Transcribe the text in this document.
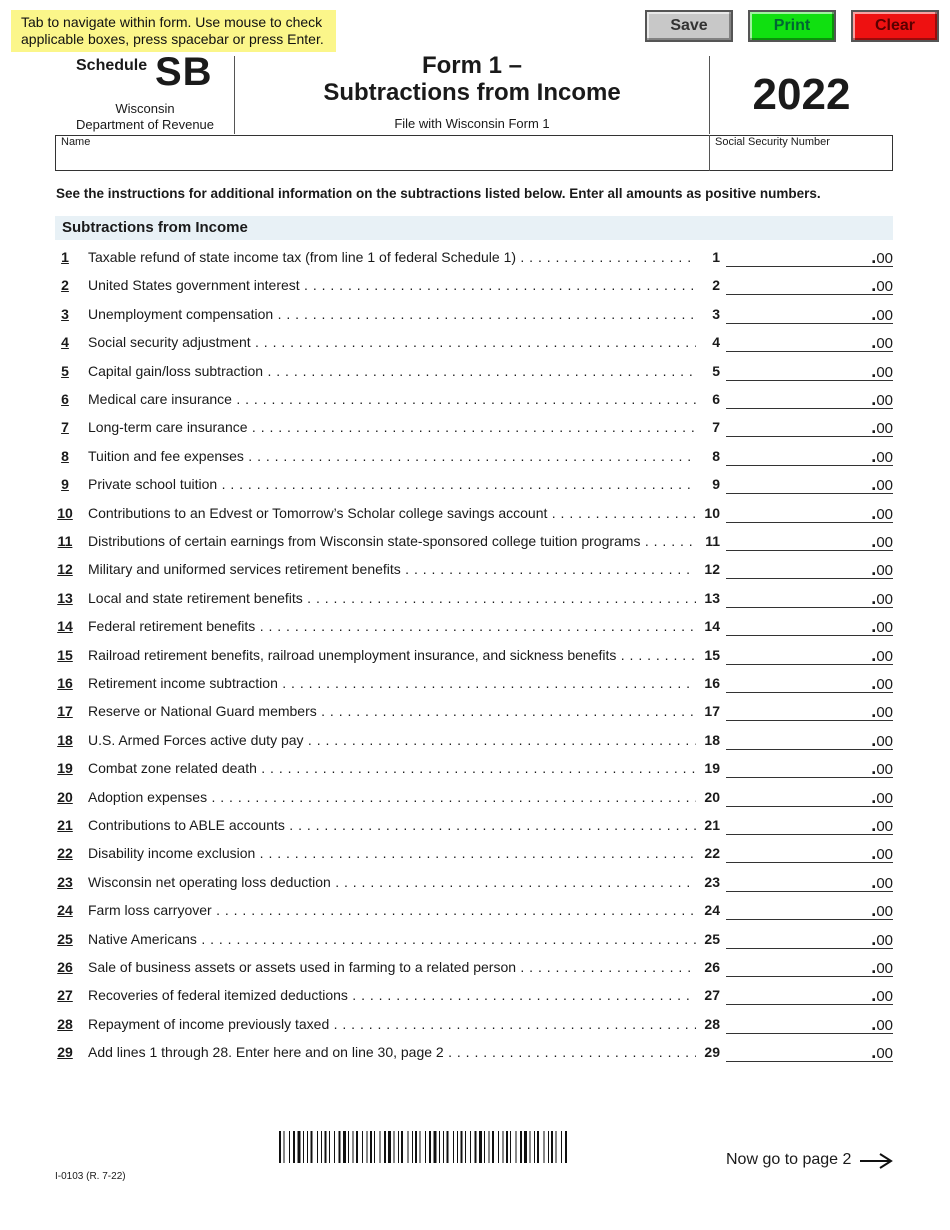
Tab to navigate within form. Use mouse to check applicable boxes, press spacebar or press Enter.
Save	Print	Clear
Schedule SB
Wisconsin
Department of Revenue
Form 1 –
Subtractions from Income
File with Wisconsin Form 1
2022
Name	Social Security Number
See the instructions for additional information on the subtractions listed below. Enter all amounts as positive numbers.
Subtractions from Income
1	Taxable refund of state income tax (from line 1 of federal Schedule 1) . . .	1	.00
2	United States government interest . . .	2	.00
3	Unemployment compensation . . .	3	.00
4	Social security adjustment . . .	4	.00
5	Capital gain/loss subtraction . . .	5	.00
6	Medical care insurance . . .	6	.00
7	Long-term care insurance . . .	7	.00
8	Tuition and fee expenses . . .	8	.00
9	Private school tuition . . .	9	.00
10 Contributions to an Edvest or Tomorrow’s Scholar college savings account . . .	10	.00
11 Distributions of certain earnings from Wisconsin state-sponsored college tuition programs . . .	11	.00
12 Military and uniformed services retirement benefits . . .	12	.00
13 Local and state retirement benefits . . .	13	.00
14 Federal retirement benefits . . .	14	.00
15 Railroad retirement benefits, railroad unemployment insurance, and sickness benefits . . .	15	.00
16 Retirement income subtraction . . .	16	.00
17 Reserve or National Guard members . . .	17	.00
18 U.S. Armed Forces active duty pay . . .	18	.00
19 Combat zone related death . . .	19	.00
20 Adoption expenses . . .	20	.00
21 Contributions to ABLE accounts . . .	21	.00
22 Disability income exclusion . . .	22	.00
23 Wisconsin net operating loss deduction . . .	23	.00
24 Farm loss carryover . . .	24	.00
25 Native Americans . . .	25	.00
26 Sale of business assets or assets used in farming to a related person . . .	26	.00
27 Recoveries of federal itemized deductions . . .	27	.00
28 Repayment of income previously taxed . . .	28	.00
29 Add lines 1 through 28. Enter here and on line 30, page 2 . . .	29	.00
Now go to page 2
I-0103 (R. 7-22)
